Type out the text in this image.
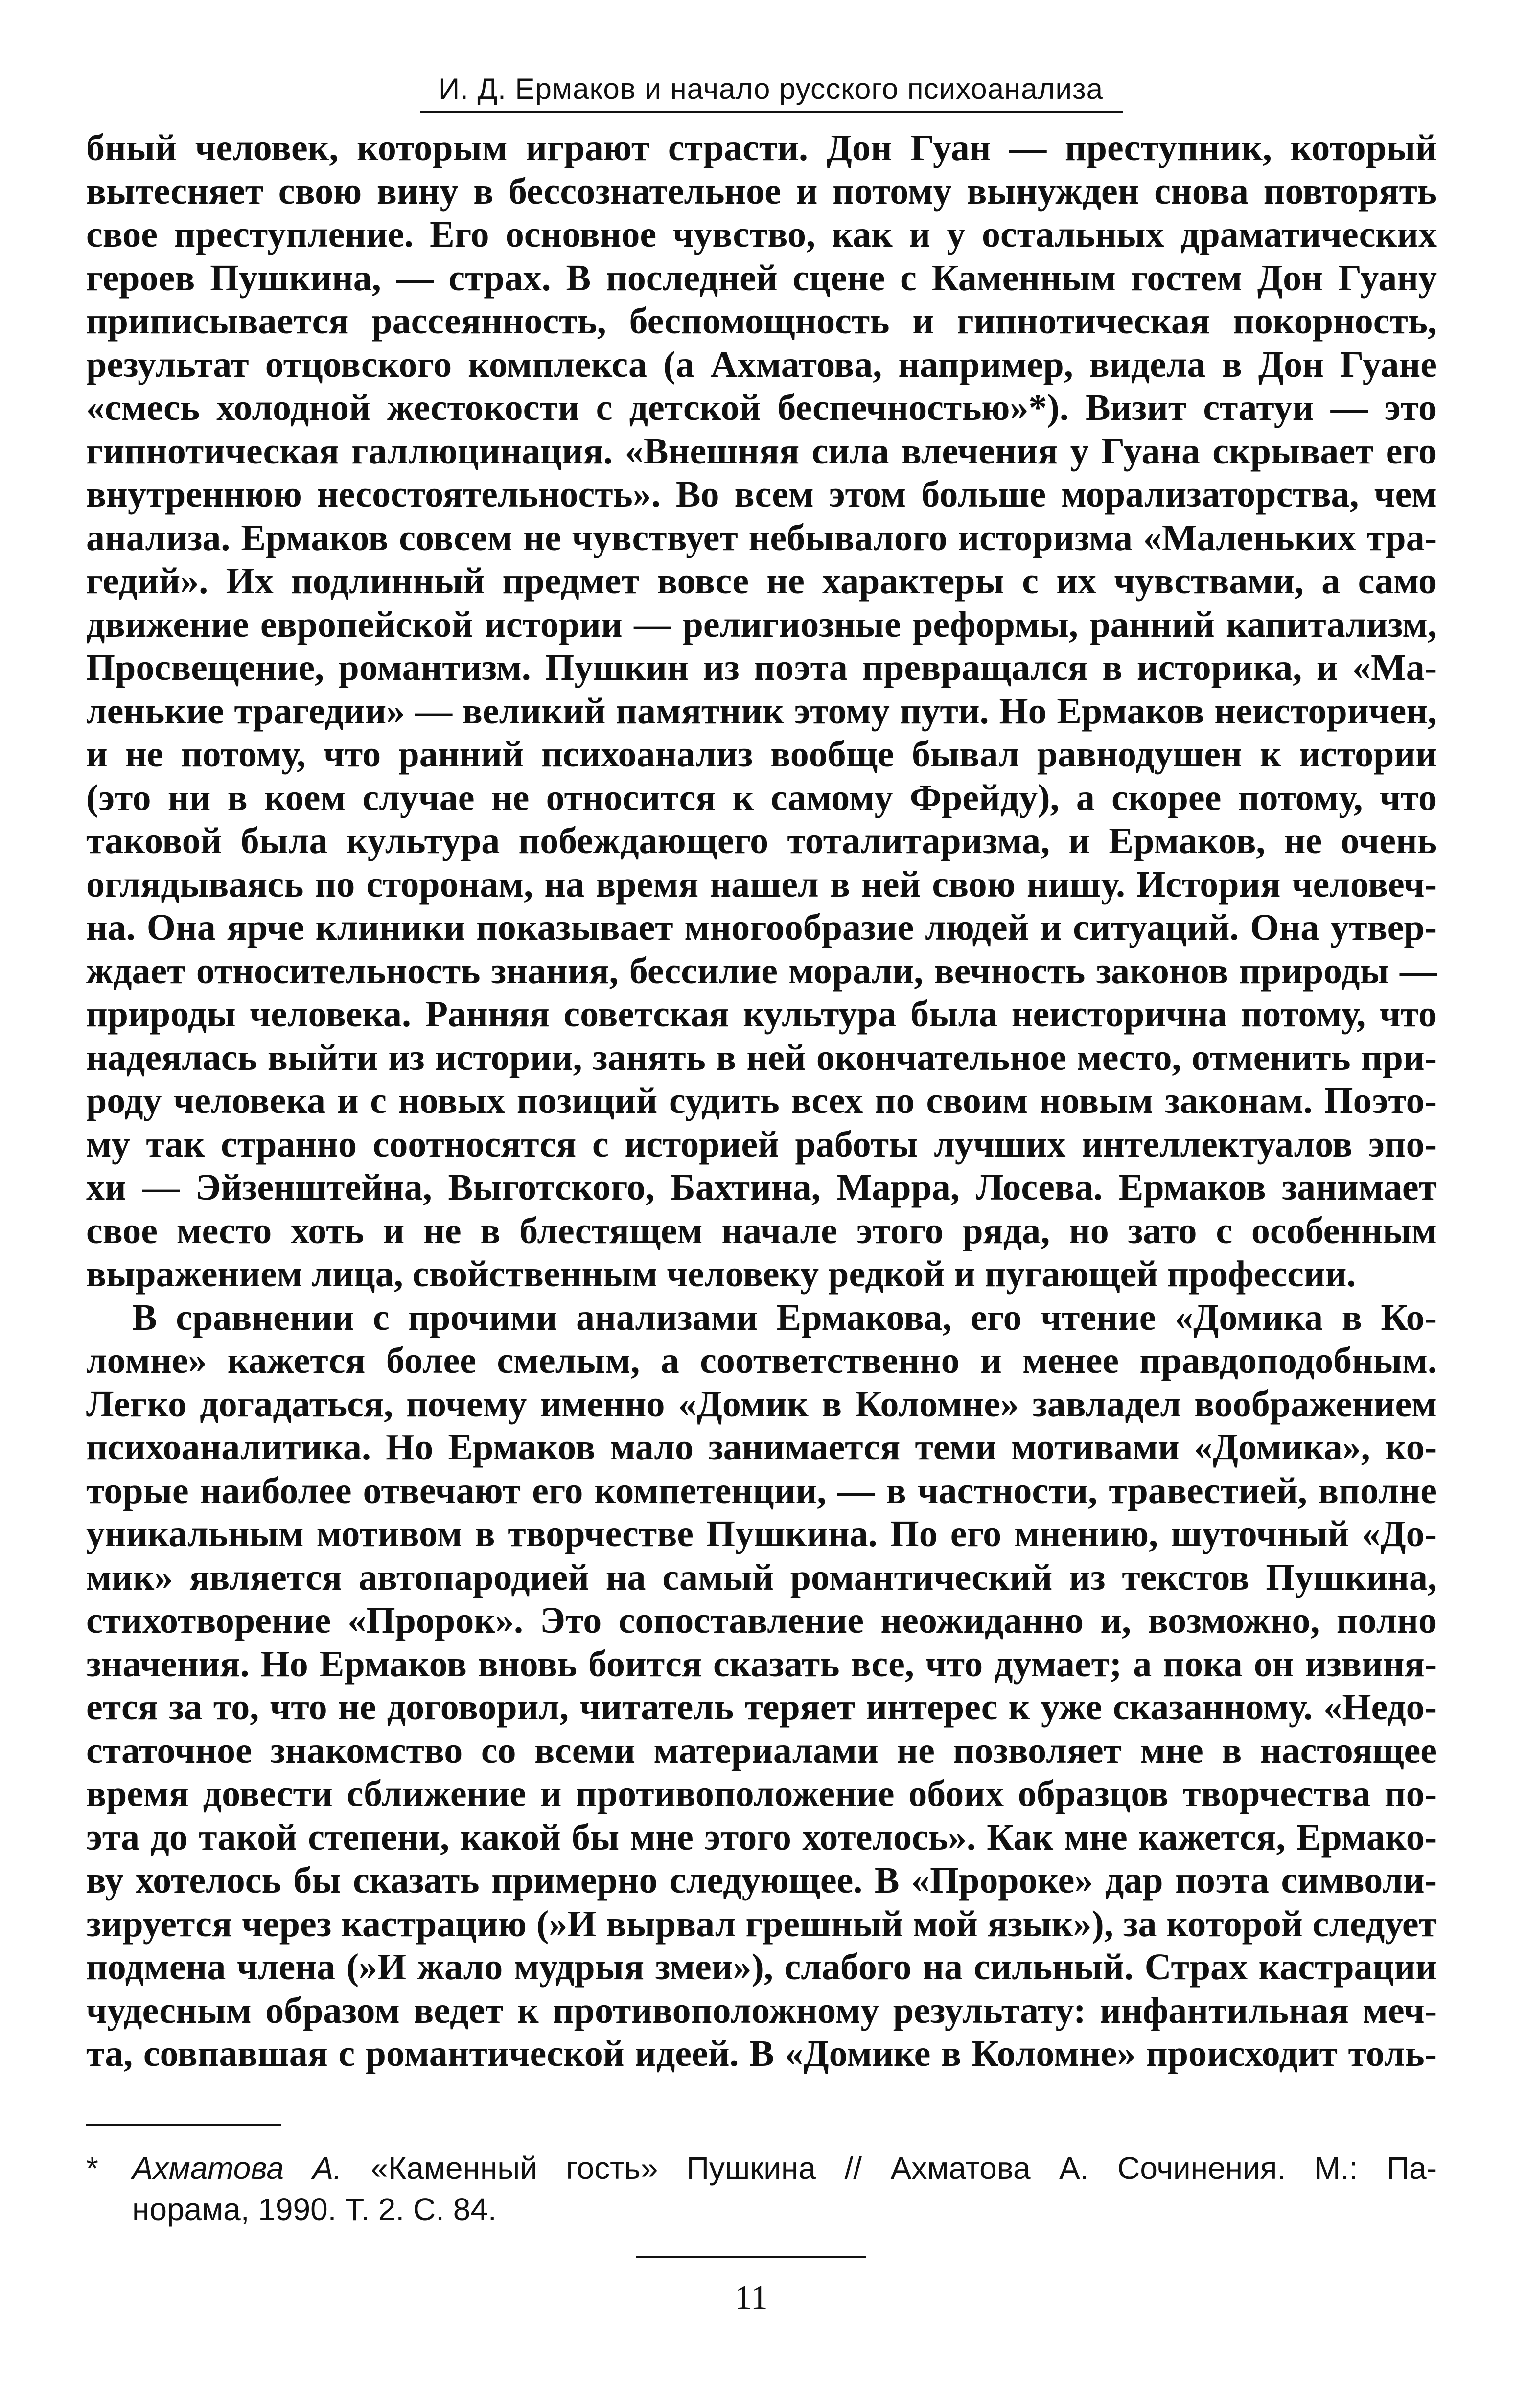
И. Д. Ермаков и начало русского психоанализа
бный человек, которым играют страсти. Дон Гуан — преступник, который
вытесняет свою вину в бессознательное и потому вынужден снова повторять
свое преступление. Его основное чувство, как и у остальных драматических
героев Пушкина, — страх. В последней сцене с Каменным гостем Дон Гуану
приписывается рассеянность, беспомощность и гипнотическая покорность,
результат отцовского комплекса (а Ахматова, например, видела в Дон Гуане
«смесь холодной жестокости с детской беспечностью»*). Визит статуи — это
гипнотическая галлюцинация. «Внешняя сила влечения у Гуана скрывает его
внутреннюю несостоятельность». Во всем этом больше морализаторства, чем
анализа. Ермаков совсем не чувствует небывалого историзма «Маленьких тра-
гедий». Их подлинный предмет вовсе не характеры с их чувствами, а само
движение европейской истории — религиозные реформы, ранний капитализм,
Просвещение, романтизм. Пушкин из поэта превращался в историка, и «Ма-
ленькие трагедии» — великий памятник этому пути. Но Ермаков неисторичен,
и не потому, что ранний психоанализ вообще бывал равнодушен к истории
(это ни в коем случае не относится к самому Фрейду), а скорее потому, что
таковой была культура побеждающего тоталитаризма, и Ермаков, не очень
оглядываясь по сторонам, на время нашел в ней свою нишу. История человеч-
на. Она ярче клиники показывает многообразие людей и ситуаций. Она утвер-
ждает относительность знания, бессилие морали, вечность законов природы —
природы человека. Ранняя советская культура была неисторична потому, что
надеялась выйти из истории, занять в ней окончательное место, отменить при-
роду человека и с новых позиций судить всех по своим новым законам. Поэто-
му так странно соотносятся с историей работы лучших интеллектуалов эпо-
хи — Эйзенштейна, Выготского, Бахтина, Марра, Лосева. Ермаков занимает
свое место хоть и не в блестящем начале этого ряда, но зато с особенным
выражением лица, свойственным человеку редкой и пугающей профессии.
В сравнении с прочими анализами Ермакова, его чтение «Домика в Ко-
ломне» кажется более смелым, а соответственно и менее правдоподобным.
Легко догадаться, почему именно «Домик в Коломне» завладел воображением
психоаналитика. Но Ермаков мало занимается теми мотивами «Домика», ко-
торые наиболее отвечают его компетенции, — в частности, травестией, вполне
уникальным мотивом в творчестве Пушкина. По его мнению, шуточный «До-
мик» является автопародией на самый романтический из текстов Пушкина,
стихотворение «Пророк». Это сопоставление неожиданно и, возможно, полно
значения. Но Ермаков вновь боится сказать все, что думает; а пока он извиня-
ется за то, что не договорил, читатель теряет интерес к уже сказанному. «Недо-
статочное знакомство со всеми материалами не позволяет мне в настоящее
время довести сближение и противоположение обоих образцов творчества по-
эта до такой степени, какой бы мне этого хотелось». Как мне кажется, Ермако-
ву хотелось бы сказать примерно следующее. В «Пророке» дар поэта символи-
зируется через кастрацию (»И вырвал грешный мой язык»), за которой следует
подмена члена (»И жало мудрыя змеи»), слабого на сильный. Страх кастрации
чудесным образом ведет к противоположному результату: инфантильная меч-
та, совпавшая с романтической идеей. В «Домике в Коломне» происходит толь-
* Ахматова А. «Каменный гость» Пушкина // Ахматова А. Сочинения. М.: Па-
норама, 1990. Т. 2. С. 84.
11
